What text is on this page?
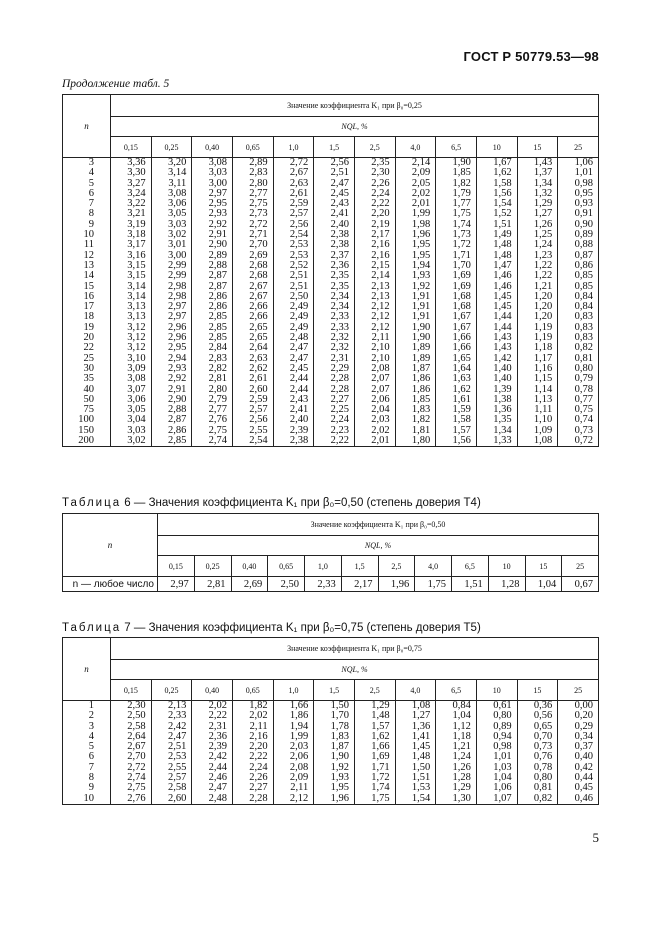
ГОСТ Р 50779.53—98
Продолжение табл. 5
n	Значение коэффициента K₁ при β₀=0,25											
	NQL, %											
	0,15	0,25	0,40	0,65	1,0	1,5	2,5	4,0	6,5	10	15	25
3	3,36	3,20	3,08	2,89	2,72	2,56	2,35	2,14	1,90	1,67	1,43	1,06
4	3,30	3,14	3,03	2,83	2,67	2,51	2,30	2,09	1,85	1,62	1,37	1,01
5	3,27	3,11	3,00	2,80	2,63	2,47	2,26	2,05	1,82	1,58	1,34	0,98
6	3,24	3,08	2,97	2,77	2,61	2,45	2,24	2,02	1,79	1,56	1,32	0,95
7	3,22	3,06	2,95	2,75	2,59	2,43	2,22	2,01	1,77	1,54	1,29	0,93
8	3,21	3,05	2,93	2,73	2,57	2,41	2,20	1,99	1,75	1,52	1,27	0,91
9	3,19	3,03	2,92	2,72	2,56	2,40	2,19	1,98	1,74	1,51	1,26	0,90
10	3,18	3,02	2,91	2,71	2,54	2,38	2,17	1,96	1,73	1,49	1,25	0,89
11	3,17	3,01	2,90	2,70	2,53	2,38	2,16	1,95	1,72	1,48	1,24	0,88
12	3,16	3,00	2,89	2,69	2,53	2,37	2,16	1,95	1,71	1,48	1,23	0,87
13	3,15	2,99	2,88	2,68	2,52	2,36	2,15	1,94	1,70	1,47	1,22	0,86
14	3,15	2,99	2,87	2,68	2,51	2,35	2,14	1,93	1,69	1,46	1,22	0,85
15	3,14	2,98	2,87	2,67	2,51	2,35	2,13	1,92	1,69	1,46	1,21	0,85
16	3,14	2,98	2,86	2,67	2,50	2,34	2,13	1,91	1,68	1,45	1,20	0,84
17	3,13	2,97	2,86	2,66	2,49	2,34	2,12	1,91	1,68	1,45	1,20	0,84
18	3,13	2,97	2,85	2,66	2,49	2,33	2,12	1,91	1,67	1,44	1,20	0,83
19	3,12	2,96	2,85	2,65	2,49	2,33	2,12	1,90	1,67	1,44	1,19	0,83
20	3,12	2,96	2,85	2,65	2,48	2,32	2,11	1,90	1,66	1,43	1,19	0,83
22	3,12	2,95	2,84	2,64	2,47	2,32	2,10	1,89	1,66	1,43	1,18	0,82
25	3,10	2,94	2,83	2,63	2,47	2,31	2,10	1,89	1,65	1,42	1,17	0,81
30	3,09	2,93	2,82	2,62	2,45	2,29	2,08	1,87	1,64	1,40	1,16	0,80
35	3,08	2,92	2,81	2,61	2,44	2,28	2,07	1,86	1,63	1,40	1,15	0,79
40	3,07	2,91	2,80	2,60	2,44	2,28	2,07	1,86	1,62	1,39	1,14	0,78
50	3,06	2,90	2,79	2,59	2,43	2,27	2,06	1,85	1,61	1,38	1,13	0,77
75	3,05	2,88	2,77	2,57	2,41	2,25	2,04	1,83	1,59	1,36	1,11	0,75
100	3,04	2,87	2,76	2,56	2,40	2,24	2,03	1,82	1,58	1,35	1,10	0,74
150	3,03	2,86	2,75	2,55	2,39	2,23	2,02	1,81	1,57	1,34	1,09	0,73
200	3,02	2,85	2,74	2,54	2,38	2,22	2,01	1,80	1,56	1,33	1,08	0,72
Таблица 6 — Значения коэффициента K₁ при β₀=0,50 (степень доверия Т4)
n	Значение коэффициента K₁ при β₀=0,50											
	NQL, %											
	0,15	0,25	0,40	0,65	1,0	1,5	2,5	4,0	6,5	10	15	25
n — любое число	2,97	2,81	2,69	2,50	2,33	2,17	1,96	1,75	1,51	1,28	1,04	0,67
Таблица 7 — Значения коэффициента K₁ при β₀=0,75 (степень доверия Т5)
n	Значение коэффициента K₁ при β₀=0,75											
	NQL, %											
	0,15	0,25	0,40	0,65	1,0	1,5	2,5	4,0	6,5	10	15	25
1	2,30	2,13	2,02	1,82	1,66	1,50	1,29	1,08	0,84	0,61	0,36	0,00
2	2,50	2,33	2,22	2,02	1,86	1,70	1,48	1,27	1,04	0,80	0,56	0,20
3	2,58	2,42	2,31	2,11	1,94	1,78	1,57	1,36	1,12	0,89	0,65	0,29
4	2,64	2,47	2,36	2,16	1,99	1,83	1,62	1,41	1,18	0,94	0,70	0,34
5	2,67	2,51	2,39	2,20	2,03	1,87	1,66	1,45	1,21	0,98	0,73	0,37
6	2,70	2,53	2,42	2,22	2,06	1,90	1,69	1,48	1,24	1,01	0,76	0,40
7	2,72	2,55	2,44	2,24	2,08	1,92	1,71	1,50	1,26	1,03	0,78	0,42
8	2,74	2,57	2,46	2,26	2,09	1,93	1,72	1,51	1,28	1,04	0,80	0,44
9	2,75	2,58	2,47	2,27	2,11	1,95	1,74	1,53	1,29	1,06	0,81	0,45
10	2,76	2,60	2,48	2,28	2,12	1,96	1,75	1,54	1,30	1,07	0,82	0,46
5
